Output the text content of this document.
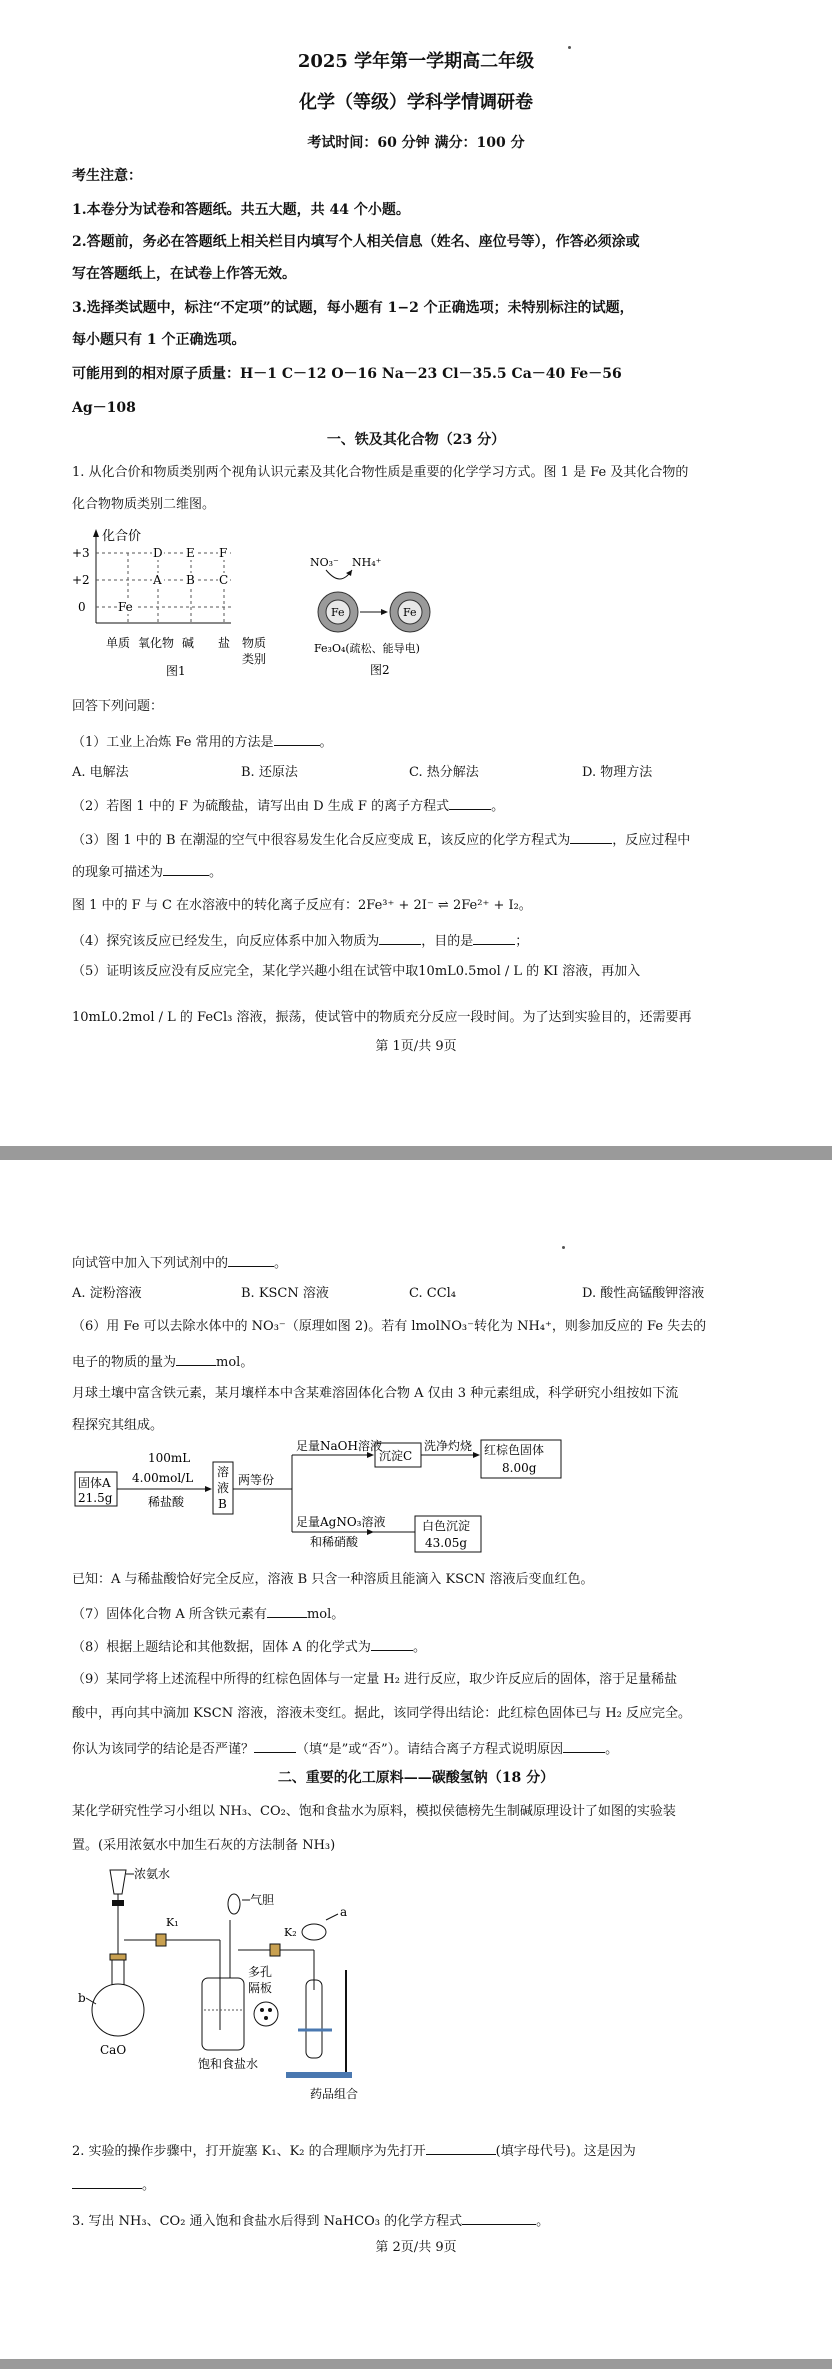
2025 学年第一学期高二年级
化学（等级）学科学情调研卷
考试时间：60 分钟 满分：100 分
考生注意：
1.本卷分为试卷和答题纸。共五大题，共 44 个小题。
2.答题前，务必在答题纸上相关栏目内填写个人相关信息（姓名、座位号等），作答必须涂或
写在答题纸上，在试卷上作答无效。
3.选择类试题中，标注“不定项”的试题，每小题有 1−2 个正确选项；未特别标注的试题，
每小题只有 1 个正确选项。
可能用到的相对原子质量：H－1 C－12 O－16 Na－23 Cl－35.5 Ca－40 Fe－56
Ag－108
一、铁及其化合物（23 分）
1. 从化合价和物质类别两个视角认识元素及其化合物性质是重要的化学学习方式。图 1 是 Fe 及其化合物的
化合物物质类别二维图。
化合价
+3
+2
0
D E F
A B C
Fe
单质 氧化物 碱 盐 物质
类别
图1
NO₃⁻ NH₄⁺
Fe	Fe
Fe₃O₄(疏松、能导电)
图2
回答下列问题：
（1）工业上冶炼 Fe 常用的方法是	。
A. 电解法	B. 还原法	C. 热分解法	D. 物理方法
（2）若图 1 中的 F 为硫酸盐，请写出由 D 生成 F 的离子方程式	。
（3）图 1 中的 B 在潮湿的空气中很容易发生化合反应变成 E，该反应的化学方程式为	，反应过程中
的现象可描述为	。
图 1 中的 F 与 C 在水溶液中的转化离子反应有：2Fe³⁺ + 2I⁻ ⇌ 2Fe²⁺ + I₂。
（4）探究该反应已经发生，向反应体系中加入物质为	，目的是	；
（5）证明该反应没有反应完全，某化学兴趣小组在试管中取10mL0.5mol / L 的 KI 溶液，再加入
10mL0.2mol / L 的 FeCl₃ 溶液，振荡，使试管中的物质充分反应一段时间。为了达到实验目的，还需要再
第 1页/共 9页
向试管中加入下列试剂中的	。
A. 淀粉溶液	B. KSCN 溶液	C. CCl₄	D. 酸性高锰酸钾溶液
（6）用 Fe 可以去除水体中的 NO₃⁻（原理如图 2)。若有 lmolNO₃⁻转化为 NH₄⁺，则参加反应的 Fe 失去的
电子的物质的量为	mol。
月球土壤中富含铁元素，某月壤样本中含某难溶固体化合物 A 仅由 3 种元素组成，科学研究小组按如下流
程探究其组成。
固体A
21.5g
100mL
4.00mol/L
稀盐酸
溶
液
B
两等份
足量NaOH溶液
沉淀C
洗净灼烧 红棕色固体
8.00g
足量AgNO₃溶液
和稀硝酸
白色沉淀
43.05g
已知：A 与稀盐酸恰好完全反应，溶液 B 只含一种溶质且能滴入 KSCN 溶液后变血红色。
（7）固体化合物 A 所含铁元素有	mol。
（8）根据上题结论和其他数据，固体 A 的化学式为	。
（9）某同学将上述流程中所得的红棕色固体与一定量 H₂ 进行反应，取少许反应后的固体，溶于足量稀盐
酸中，再向其中滴加 KSCN 溶液，溶液未变红。据此，该同学得出结论：此红棕色固体已与 H₂ 反应完全。
你认为该同学的结论是否严谨？	（填“是”或“否”）。请结合离子方程式说明原因	。
二、重要的化工原料——碳酸氢钠（18 分）
某化学研究性学习小组以 NH₃、CO₂、饱和食盐水为原料，模拟侯德榜先生制碱原理设计了如图的实验装
置。(采用浓氨水中加生石灰的方法制备 NH₃)
浓氨水
b
CaO
K₁
饱和食盐水
气胆
K₂
a
多孔
隔板
药品组合
2. 实验的操作步骤中，打开旋塞 K₁、K₂ 的合理顺序为先打开	(填字母代号)。这是因为
。
3. 写出 NH₃、CO₂ 通入饱和食盐水后得到 NaHCO₃ 的化学方程式	。
第 2页/共 9页
